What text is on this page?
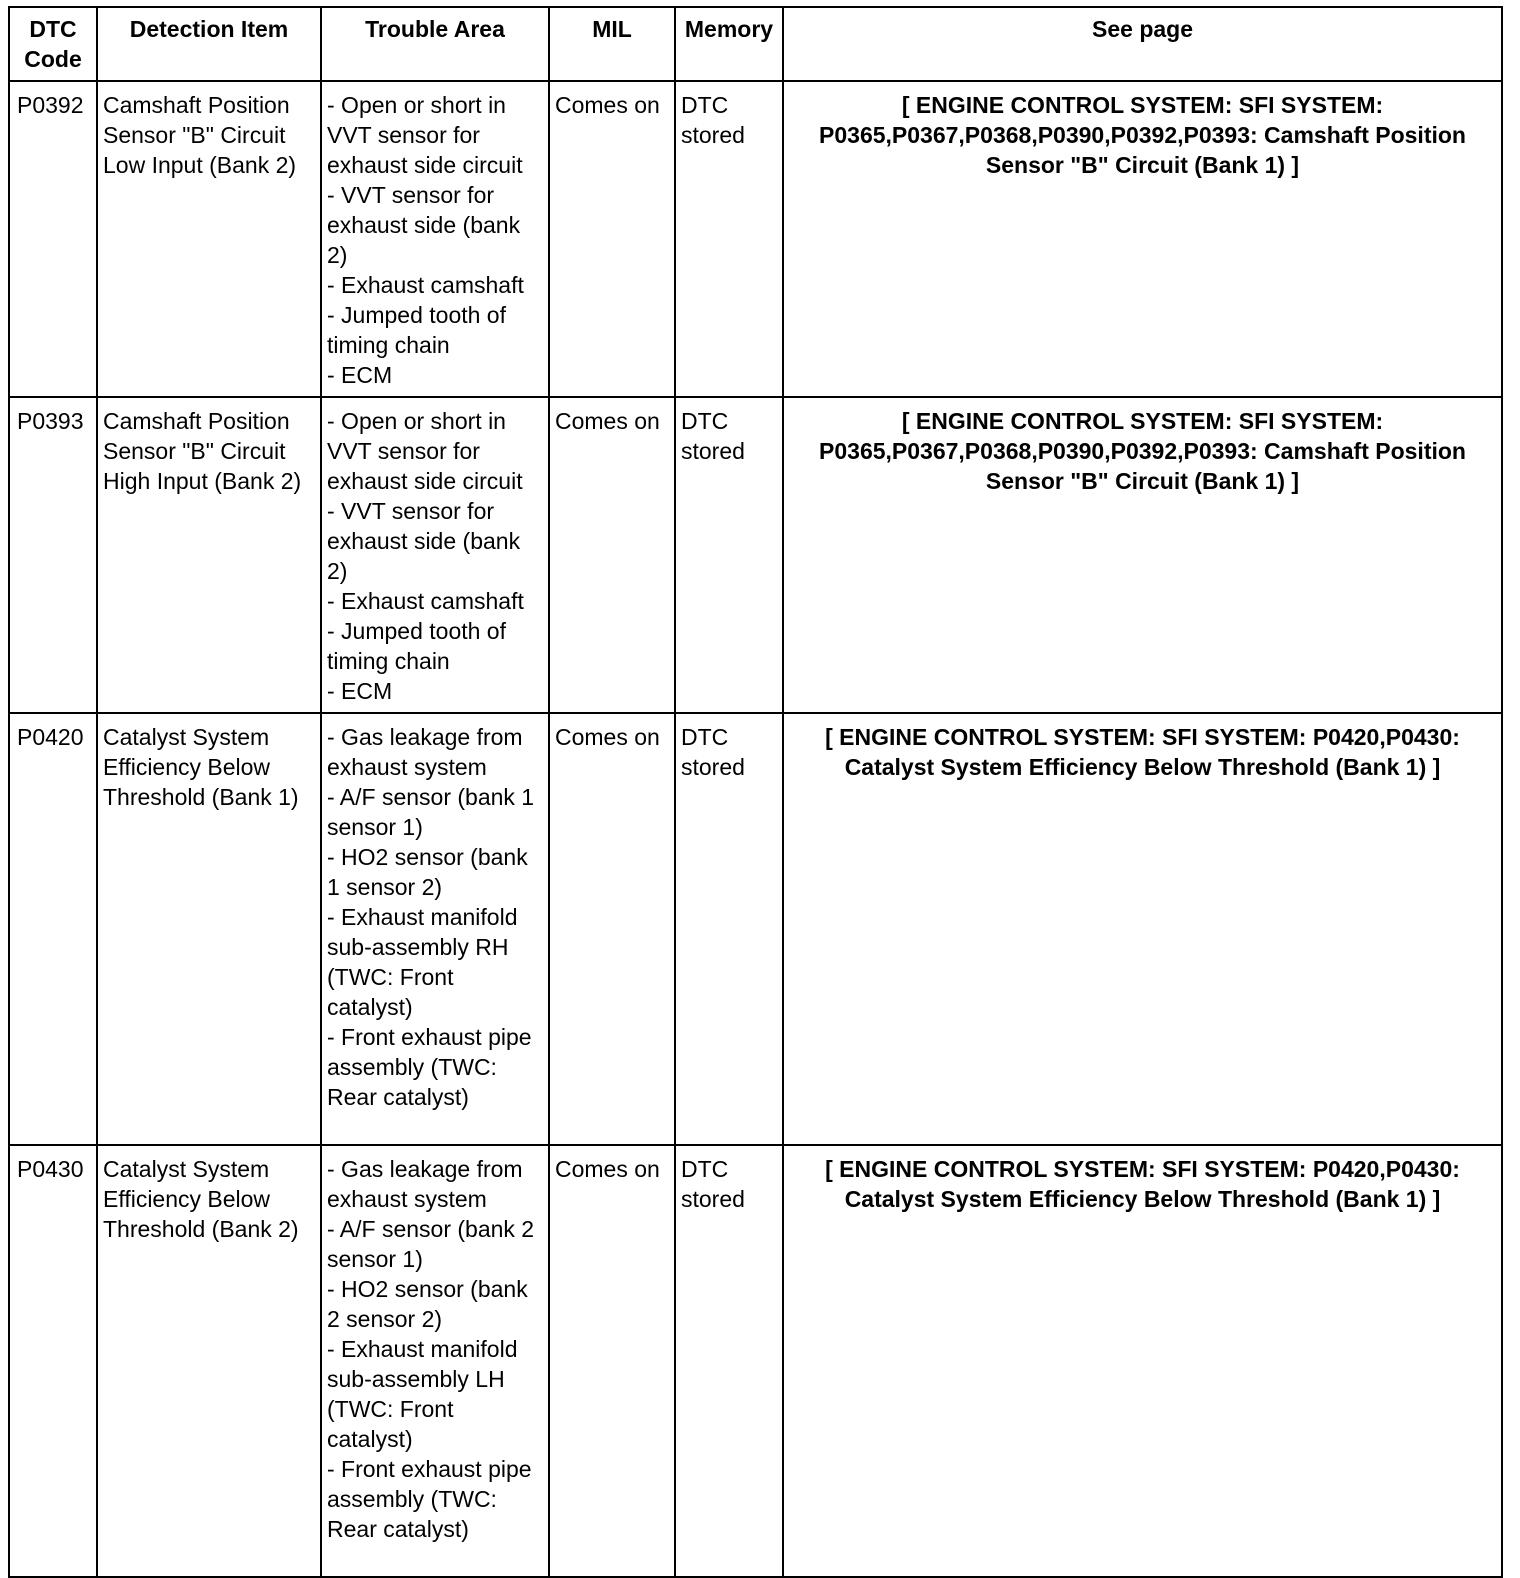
DTC Code	Detection Item	Trouble Area	MIL	Memory	See page
P0392	Camshaft Position Sensor "B" Circuit Low Input (Bank 2)	- Open or short in VVT sensor for exhaust side circuit
- VVT sensor for exhaust side (bank 2)
- Exhaust camshaft
- Jumped tooth of timing chain
- ECM	Comes on	DTC stored	[ ENGINE CONTROL SYSTEM: SFI SYSTEM: P0365,P0367,P0368,P0390,P0392,P0393: Camshaft Position Sensor "B" Circuit (Bank 1) ]
P0393	Camshaft Position Sensor "B" Circuit High Input (Bank 2)	- Open or short in VVT sensor for exhaust side circuit
- VVT sensor for exhaust side (bank 2)
- Exhaust camshaft
- Jumped tooth of timing chain
- ECM	Comes on	DTC stored	[ ENGINE CONTROL SYSTEM: SFI SYSTEM: P0365,P0367,P0368,P0390,P0392,P0393: Camshaft Position Sensor "B" Circuit (Bank 1) ]
P0420	Catalyst System Efficiency Below Threshold (Bank 1)	- Gas leakage from exhaust system
- A/F sensor (bank 1 sensor 1)
- HO2 sensor (bank 1 sensor 2)
- Exhaust manifold sub-assembly RH (TWC: Front catalyst)
- Front exhaust pipe assembly (TWC: Rear catalyst)	Comes on	DTC stored	[ ENGINE CONTROL SYSTEM: SFI SYSTEM: P0420,P0430: Catalyst System Efficiency Below Threshold (Bank 1) ]
P0430	Catalyst System Efficiency Below Threshold (Bank 2)	- Gas leakage from exhaust system
- A/F sensor (bank 2 sensor 1)
- HO2 sensor (bank 2 sensor 2)
- Exhaust manifold sub-assembly LH (TWC: Front catalyst)
- Front exhaust pipe assembly (TWC: Rear catalyst)	Comes on	DTC stored	[ ENGINE CONTROL SYSTEM: SFI SYSTEM: P0420,P0430: Catalyst System Efficiency Below Threshold (Bank 1) ]
